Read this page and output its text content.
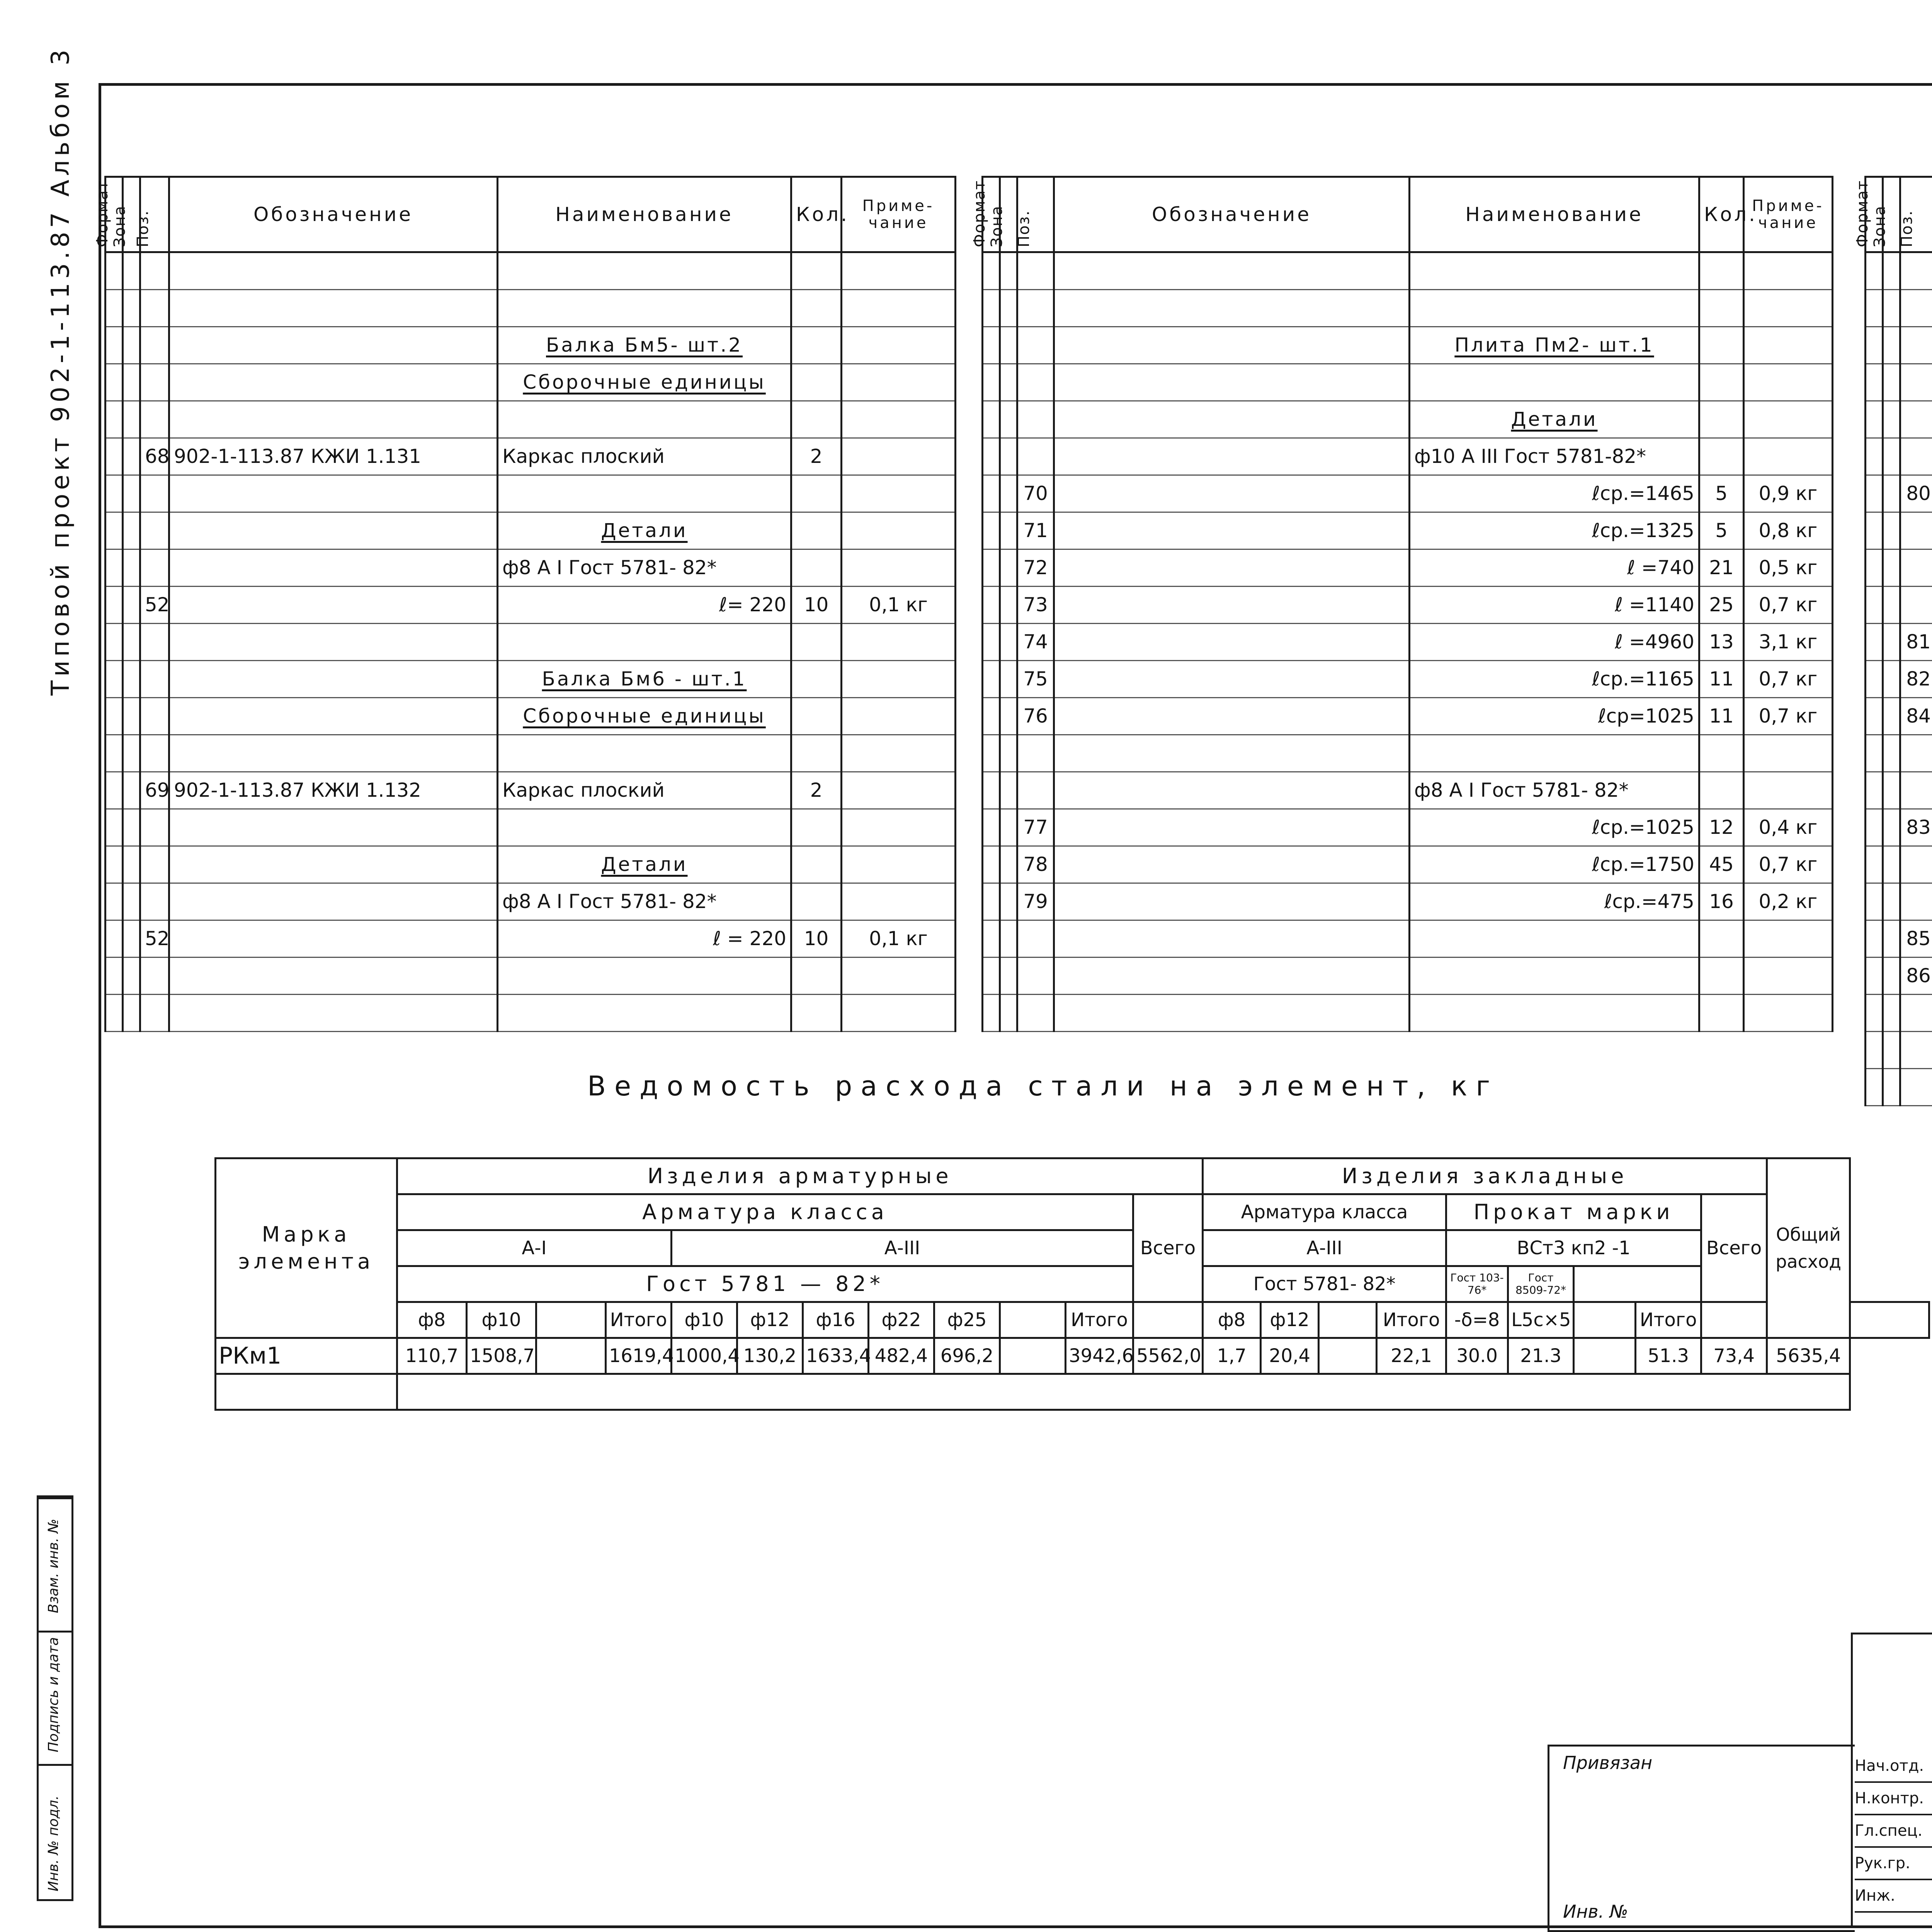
Типовой проект 902-1-113.87 Альбом 3
Инв. № подл.
Подпись и дата
Взам. инв. №
Формат	Зона	Поз.	Обозначение	Наименование	Кол.	Приме- чание

				Балка Бм5- шт.2		
				Сборочные единицы		

		68	902-1-113.87 КЖИ 1.131	Каркас плоский	2	

				Детали		
				ф8 А I Гост 5781- 82*		
		52		ℓ= 220	10	0,1 кг

				Балка Бм6 - шт.1		
				Сборочные единицы		

		69	902-1-113.87 КЖИ 1.132	Каркас плоский	2	

				Детали		
				ф8 А I Гост 5781- 82*		
		52		ℓ = 220	10	0,1 кг

Формат	Зона	Поз.	Обозначение	Наименование	Кол.	Приме- чание

				Плита Пм2- шт.1		

				Детали		
				ф10 А III Гост 5781-82*		
		70		ℓср.=1465	5	0,9 кг
		71		ℓср.=1325	5	0,8 кг
		72		ℓ =740	21	0,5 кг
		73		ℓ =1140	25	0,7 кг
		74		ℓ =4960	13	3,1 кг
		75		ℓср.=1165	11	0,7 кг
		76		ℓср=1025	11	0,7 кг

				ф8 А I Гост 5781- 82*		
		77		ℓср.=1025	12	0,4 кг
		78		ℓср.=1750	45	0,7 кг
		79		ℓср.=475	16	0,2 кг

Формат	Зона	Поз.

		80				

		81				
		82				
		84				

		83				

		85				
		86				

Ведомость расхода стали на элемент, кг
Марка элемента	Изделия арматурные												Изделия закладные									Общий расход	
	Арматура класса											Всего	Арматура класса				Прокат марки				Всего		
	А-I				А-III								А-III				ВСт3 кп2 -1						
	Гост 5781 — 82*												Гост 5781- 82*				Гост 103-76*	Гост 8509-72*					
	ф8	ф10		Итого	ф10	ф12	ф16	ф22	ф25		Итого		ф8	ф12		Итого	-δ=8	L5c×5		Итого			
РКм1	110,7	1508,7		1619,4	1000,4	130,2	1633,4	482,4	696,2		3942,6	5562,0	1,7	20,4		22,1	30.0	21.3		51.3	73,4	5635,4	

Привязан
Инв. №
Нач.отд.
Н.контр.
Гл.спец.
Рук.гр.
Инж.
